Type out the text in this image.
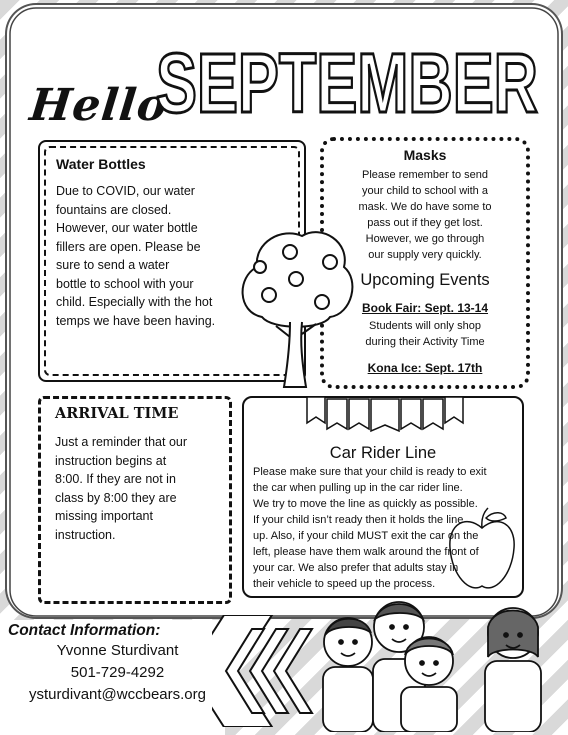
Hello
SEPTEMBER
Water Bottles
Due to COVID, our water
fountains are closed.
However, our water bottle
fillers are open. Please be
sure to send a water
bottle to school with your
child. Especially with the hot
temps we have been having.
Masks
Please remember to send
your child to school with a
mask. We do have some to
pass out if they get lost.
However, we go through
our supply very quickly.
Upcoming Events
Book Fair: Sept. 13-14
Students will only shop
during their Activity Time
Kona Ice: Sept. 17th
ARRIVAL TIME
Just a reminder that our
instruction begins at
8:00. If they are not in
class by 8:00 they are
missing important
instruction.
Car Rider Line
Please make sure that your child is ready to exit
the car when pulling up in the car rider line.
We try to move the line as quickly as possible.
If your child isn’t ready then it holds the line
up. Also, if your child MUST exit the car on the
left, please have them walk around the front of
your car. We also prefer that adults stay in
their vehicle to speed up the process.
Contact Information:
Yvonne Sturdivant
501-729-4292
ysturdivant@wccbears.org
